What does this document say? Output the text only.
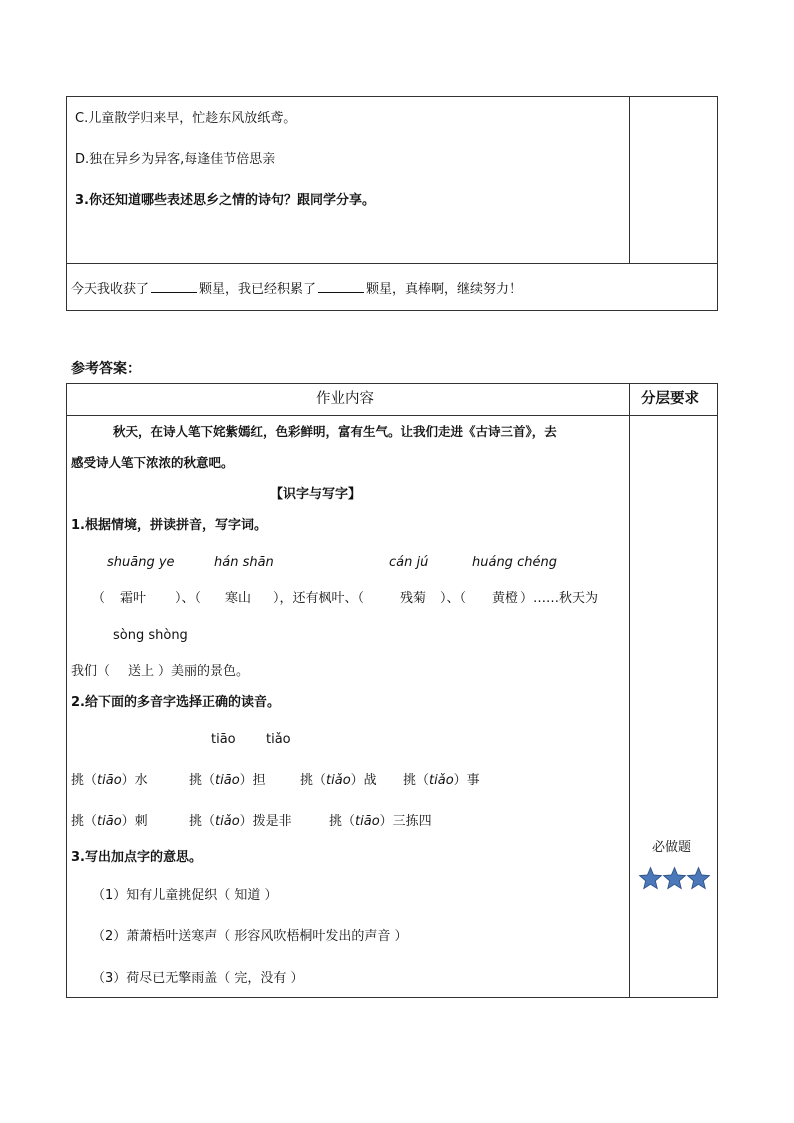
C.儿童散学归来早，忙趁东风放纸鸢。
D.独在异乡为异客,每逢佳节倍思亲
3.你还知道哪些表述思乡之情的诗句？跟同学分享。
今天我收获了	颗星，我已经积累了	颗星，真棒啊，继续努力！
参考答案：
作业内容	分层要求
秋天，在诗人笔下姹紫嫣红，色彩鲜明，富有生气。让我们走进《古诗三首》，去
感受诗人笔下浓浓的秋意吧。
【识字与写字】
1.根据情境，拼读拼音，写字词。
shuāng ye	hán shān	cán jú	huáng chéng
（ 霜叶 ）、（ 寒山 ），还有枫叶、（	残菊 ）、（ 黄橙 ）……秋天为
sòng shòng
我们（ 送上 ）美丽的景色。
2.给下面的多音字选择正确的读音。
tiāo tiǎo
挑（tiāo）水	挑（tiāo）担	挑（tiǎo）战 挑（tiǎo）事
挑（tiāo）刺	挑（tiǎo）拨是非	挑（tiāo）三拣四
3.写出加点字的意思。
（1）知有儿童挑促织（ 知道 ）
（2）萧萧梧叶送寒声（ 形容风吹梧桐叶发出的声音 ）
（3）荷尽已无擎雨盖（ 完，没有 ）
必做题
